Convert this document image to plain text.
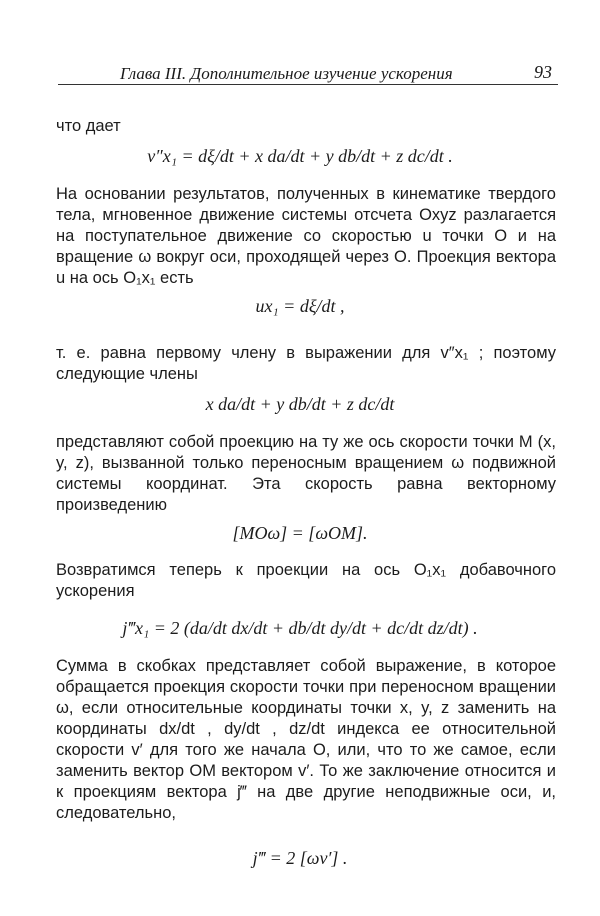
Глава III. Дополнительное изучение ускорения	93
что дает
v″x₁ = dξ/dt + x da/dt + y db/dt + z dc/dt .
На основании результатов, полученных в кинематике твердого тела, мгновенное движение системы отсчета Oxyz разлагается на поступательное движение со скоростью u точки O и на вращение ω вокруг оси, проходящей через O. Проекция вектора u на ось O₁x₁ есть
ux₁ = dξ/dt ,
т. е. равна первому члену в выражении для v″x₁ ; поэтому следующие члены
x da/dt + y db/dt + z dc/dt
представляют собой проекцию на ту же ось скорости точки M (x, y, z), вызванной только переносным вращением ω подвижной системы координат. Эта скорость равна векторному произведению
[MOω] = [ωOM].
Возвратимся теперь к проекции на ось O₁x₁ добавочного ускорения
j‴x₁ = 2 (da/dt dx/dt + db/dt dy/dt + dc/dt dz/dt) .
Сумма в скобках представляет собой выражение, в которое обращается проекция скорости точки при переносном вращении ω, если относительные координаты точки x, y, z заменить на координаты dx/dt , dy/dt , dz/dt индекса ее относительной скорости v′ для того же начала O, или, что то же самое, если заменить вектор OM вектором v′. То же заключение относится и к проекциям вектора j‴ на две другие неподвижные оси, и, следовательно,
j‴ = 2 [ωv′] .
